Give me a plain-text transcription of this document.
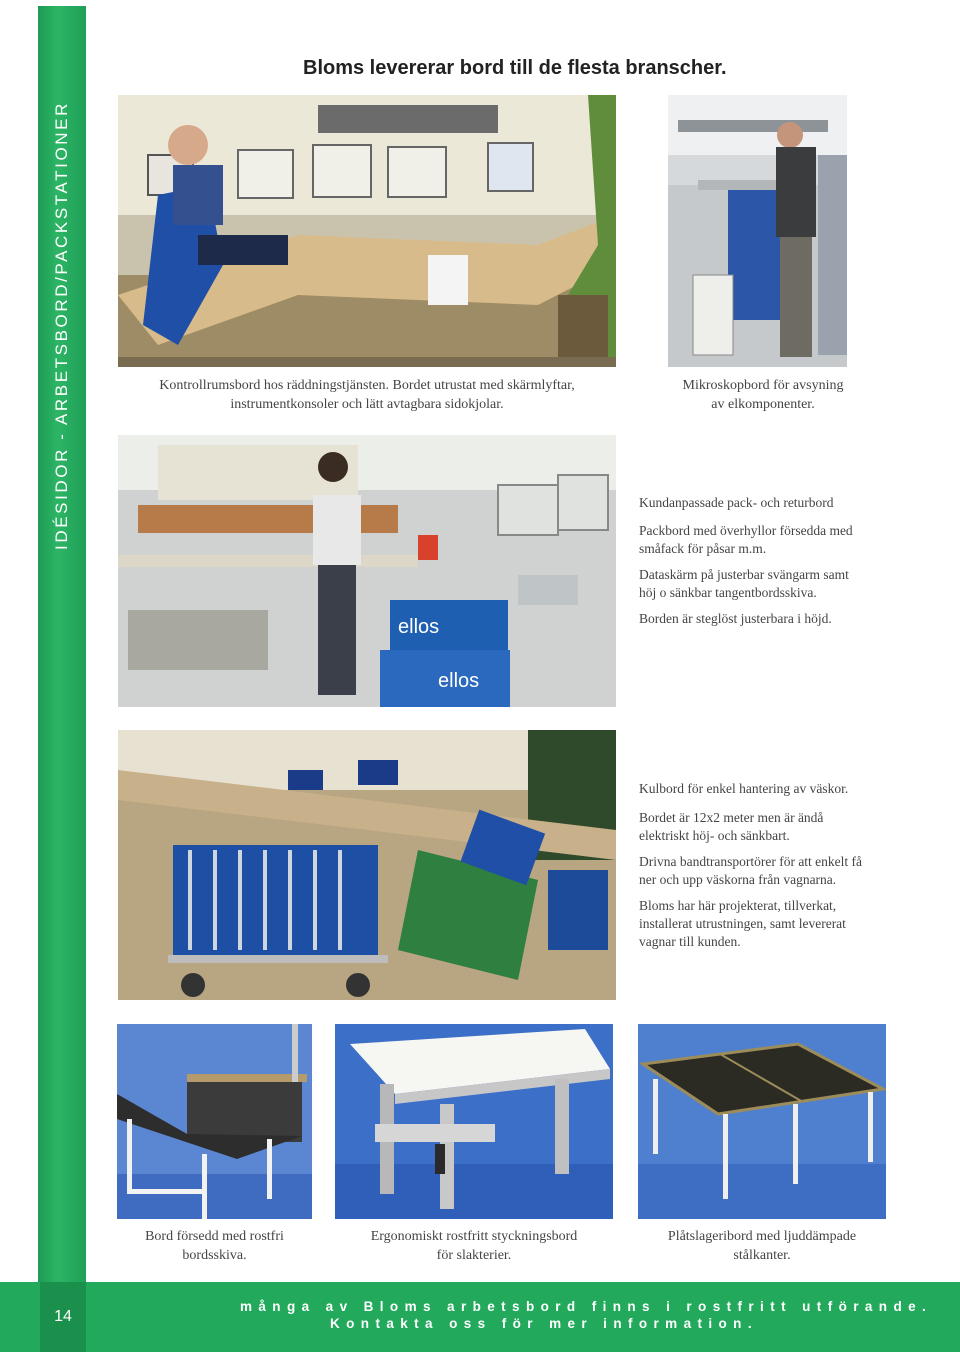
IDÉSIDOR - ARBETSBORD/PACKSTATIONER
Bloms levererar bord till de flesta branscher.
Kontrollrumsbord hos räddningstjänsten. Bordet utrustat med skärmlyftar,
instrumentkonsoler och lätt avtagbara sidokjolar.
Mikroskopbord för avsyning
av elkomponenter.
ellos
ellos

Kundanpassade pack- och returbord

Packbord med överhyllor försedda med småfack för påsar m.m.

Dataskärm på justerbar svängarm samt höj o sänkbar tangentbordsskiva.

Borden är steglöst justerbara i höjd.

Kulbord för enkel hantering av väskor.

Bordet är 12x2 meter men är ändå elektriskt höj- och sänkbart.

Drivna bandtransportörer för att enkelt få ner och upp väskorna från vagnarna.

Bloms har här projekterat, tillverkat, installerat utrustningen, samt levererat vagnar till kunden.

Bord försedd med rostfri
bordsskiva.
Ergonomiskt rostfritt styckningsbord
för slakterier.
Plåtslageribord med ljuddämpade
stålkanter.
14
många av Bloms arbetsbord finns i rostfritt utförande.
Kontakta oss för mer information.
